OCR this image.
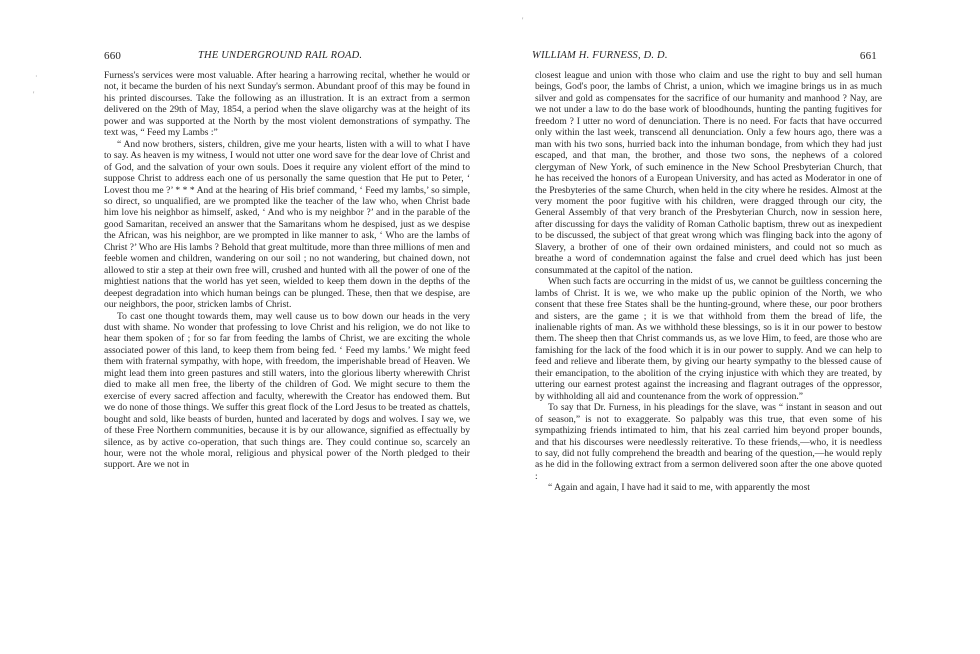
660	THE UNDERGROUND RAIL ROAD.

Furness's services were most valuable. After hearing a harrowing recital, whether he would or not, it became the burden of his next Sunday's sermon. Abundant proof of this may be found in his printed discourses. Take the following as an illustration. It is an extract from a sermon delivered on the 29th of May, 1854, a period when the slave oligarchy was at the height of its power and was supported at the North by the most violent demonstrations of sympathy. The text was, “ Feed my Lambs :”

“ And now brothers, sisters, children, give me your hearts, listen with a will to what I have to say. As heaven is my witness, I would not utter one word save for the dear love of Christ and of God, and the salvation of your own souls. Does it require any violent effort of the mind to suppose Christ to address each one of us personally the same question that He put to Peter, ‘ Lovest thou me ?’ * * * And at the hearing of His brief command, ‘ Feed my lambs,’ so simple, so direct, so unqualified, are we prompted like the teacher of the law who, when Christ bade him love his neighbor as himself, asked, ‘ And who is my neighbor ?’ and in the parable of the good Samaritan, received an answer that the Samaritans whom he despised, just as we despise the African, was his neighbor, are we prompted in like manner to ask, ‘ Who are the lambs of Christ ?’ Who are His lambs ? Behold that great multitude, more than three millions of men and feeble women and children, wandering on our soil ; no not wandering, but chained down, not allowed to stir a step at their own free will, crushed and hunted with all the power of one of the mightiest nations that the world has yet seen, wielded to keep them down in the depths of the deepest degradation into which human beings can be plunged. These, then that we despise, are our neighbors, the poor, stricken lambs of Christ.

To cast one thought towards them, may well cause us to bow down our heads in the very dust with shame. No wonder that professing to love Christ and his religion, we do not like to hear them spoken of ; for so far from feeding the lambs of Christ, we are exciting the whole associated power of this land, to keep them from being fed. ‘ Feed my lambs.’ We might feed them with fraternal sympathy, with hope, with freedom, the imperishable bread of Heaven. We might lead them into green pastures and still waters, into the glorious liberty wherewith Christ died to make all men free, the liberty of the children of God. We might secure to them the exercise of every sacred affection and faculty, wherewith the Creator has endowed them. But we do none of those things. We suffer this great flock of the Lord Jesus to be treated as chattels, bought and sold, like beasts of burden, hunted and lacerated by dogs and wolves. I say we, we of these Free Northern communities, because it is by our allowance, signified as effectually by silence, as by active co-operation, that such things are. They could continue so, scarcely an hour, were not the whole moral, religious and physical power of the North pledged to their support. Are we not in

·
'
WILLIAM H. FURNESS, D. D.	661

closest league and union with those who claim and use the right to buy and sell human beings, God's poor, the lambs of Christ, a union, which we imagine brings us in as much silver and gold as compensates for the sacrifice of our humanity and manhood ? Nay, are we not under a law to do the base work of bloodhounds, hunting the panting fugitives for freedom ? I utter no word of denunciation. There is no need. For facts that have occurred only within the last week, transcend all denunciation. Only a few hours ago, there was a man with his two sons, hurried back into the inhuman bondage, from which they had just escaped, and that man, the brother, and those two sons, the nephews of a colored clergyman of New York, of such eminence in the New School Presbyterian Church, that he has received the honors of a European University, and has acted as Moderator in one of the Presbyteries of the same Church, when held in the city where he resides. Almost at the very moment the poor fugitive with his children, were dragged through our city, the General Assembly of that very branch of the Presbyterian Church, now in session here, after discussing for days the validity of Roman Catholic baptism, threw out as inexpedient to be discussed, the subject of that great wrong which was flinging back into the agony of Slavery, a brother of one of their own ordained ministers, and could not so much as breathe a word of condemnation against the false and cruel deed which has just been consummated at the capitol of the nation.

When such facts are occurring in the midst of us, we cannot be guiltless concerning the lambs of Christ. It is we, we who make up the public opinion of the North, we who consent that these free States shall be the hunting-ground, where these, our poor brothers and sisters, are the game ; it is we that withhold from them the bread of life, the inalienable rights of man. As we withhold these blessings, so is it in our power to bestow them. The sheep then that Christ commands us, as we love Him, to feed, are those who are famishing for the lack of the food which it is in our power to supply. And we can help to feed and relieve and liberate them, by giving our hearty sympathy to the blessed cause of their emancipation, to the abolition of the crying injustice with which they are treated, by uttering our earnest protest against the increasing and flagrant outrages of the oppressor, by withholding all aid and countenance from the work of oppression.”

To say that Dr. Furness, in his pleadings for the slave, was “ instant in season and out of season,” is not to exaggerate. So palpably was this true, that even some of his sympathizing friends intimated to him, that his zeal carried him beyond proper bounds, and that his discourses were needlessly reiterative. To these friends,—who, it is needless to say, did not fully comprehend the breadth and bearing of the question,—he would reply as he did in the following extract from a sermon delivered soon after the one above quoted :

“ Again and again, I have had it said to me, with apparently the most

'
